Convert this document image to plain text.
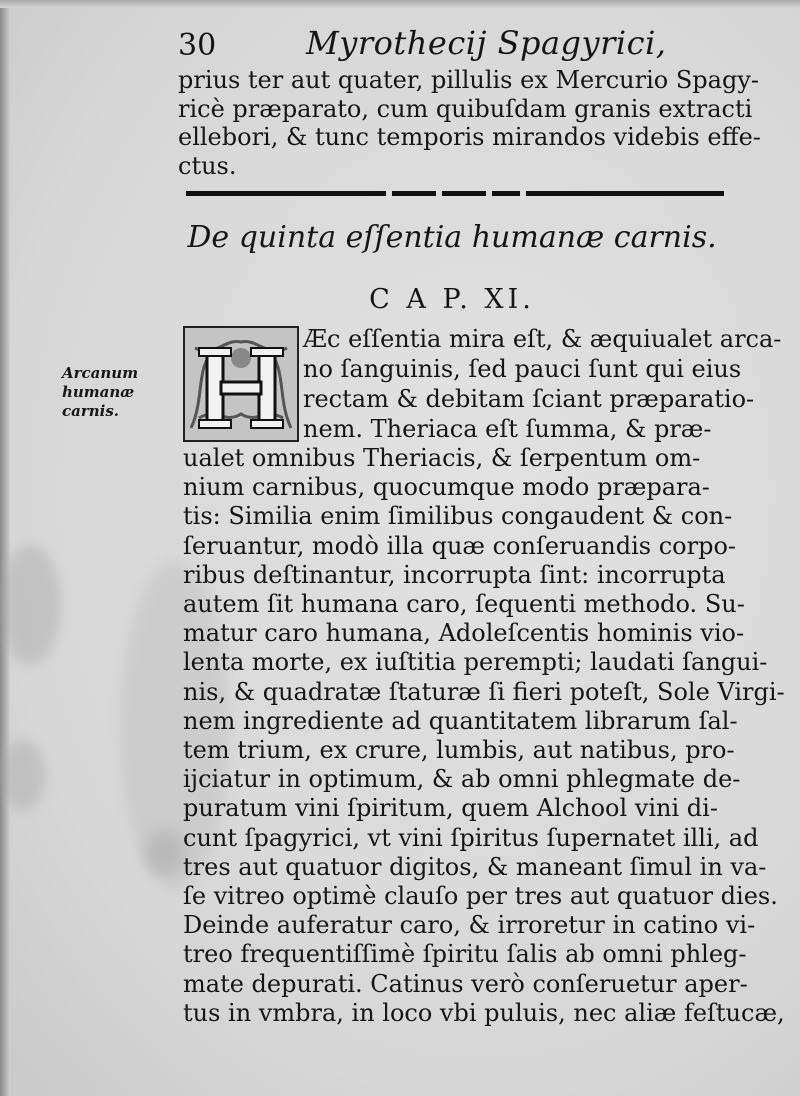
30	Myrothecij Spagyrici,
prius ter aut quater, pillulis ex Mercurio Spagy-
ricè præparato, cum quibuſdam granis extracti
ellebori, & tunc temporis mirandos videbis effe-
ctus.
De quinta eſſentia humanæ carnis.
C A P. XI.
Arcanum
humanæ
carnis.
Æc eſſentia mira eſt, & æquiualet arca-
no ſanguinis, ſed pauci ſunt qui eius
rectam & debitam ſciant præparatio-
nem. Theriaca eſt ſumma, & præ-
ualet omnibus Theriacis, & ſerpentum om-
nium carnibus, quocumque modo præpara-
tis: Similia enim ſimilibus congaudent & con-
ſeruantur, modò illa quæ conſeruandis corpo-
ribus deſtinantur, incorrupta ſint: incorrupta
autem ſit humana caro, ſequenti methodo. Su-
matur caro humana, Adoleſcentis hominis vio-
lenta morte, ex iuſtitia perempti; laudati ſangui-
nis, & quadratæ ſtaturæ ſi fieri poteſt, Sole Virgi-
nem ingrediente ad quantitatem librarum ſal-
tem trium, ex crure, lumbis, aut natibus, pro-
ijciatur in optimum, & ab omni phlegmate de-
puratum vini ſpiritum, quem Alchool vini di-
cunt ſpagyrici, vt vini ſpiritus ſupernatet illi, ad
tres aut quatuor digitos, & maneant ſimul in va-
ſe vitreo optimè clauſo per tres aut quatuor dies.
Deinde auferatur caro, & irroretur in catino vi-
treo frequentiſſimè ſpiritu ſalis ab omni phleg-
mate depurati. Catinus verò conſeruetur aper-
tus in vmbra, in loco vbi puluis, nec aliæ feſtucæ,
